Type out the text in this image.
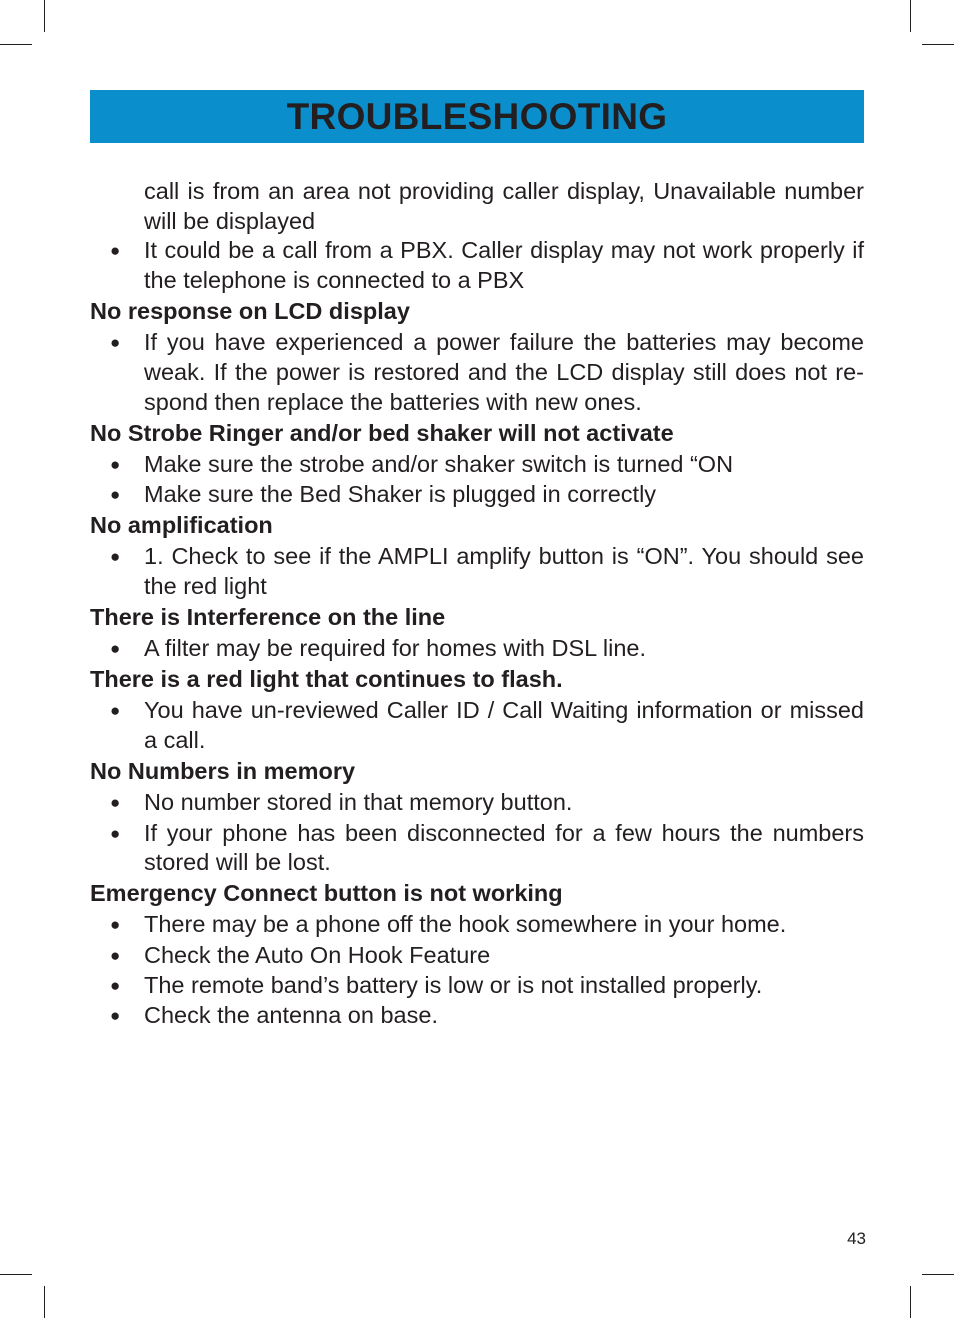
TROUBLESHOOTING
call is from an area not providing caller display, Unavailable number will be displayed
● It could be a call from a PBX. Caller display may not work properly if the telephone is connected to a PBX
No response on LCD display
● If you have experienced a power failure the batteries may become weak. If the power is restored and the LCD display still does not re-spond then replace the batteries with new ones.
No Strobe Ringer and/or bed shaker will not activate
● Make sure the strobe and/or shaker switch is turned “ON
● Make sure the Bed Shaker is plugged in correctly
No amplification
● 1. Check to see if the AMPLI amplify button is “ON”. You should see the red light
There is Interference on the line
● A filter may be required for homes with DSL line.
There is a red light that continues to flash.
● You have un-reviewed Caller ID / Call Waiting information or missed a call.
No Numbers in memory
● No number stored in that memory button.
● If your phone has been disconnected for a few hours the numbers stored will be lost.
Emergency Connect button is not working
● There may be a phone off the hook somewhere in your home.
● Check the Auto On Hook Feature
● The remote band’s battery is low or is not installed properly.
● Check the antenna on base.
43
